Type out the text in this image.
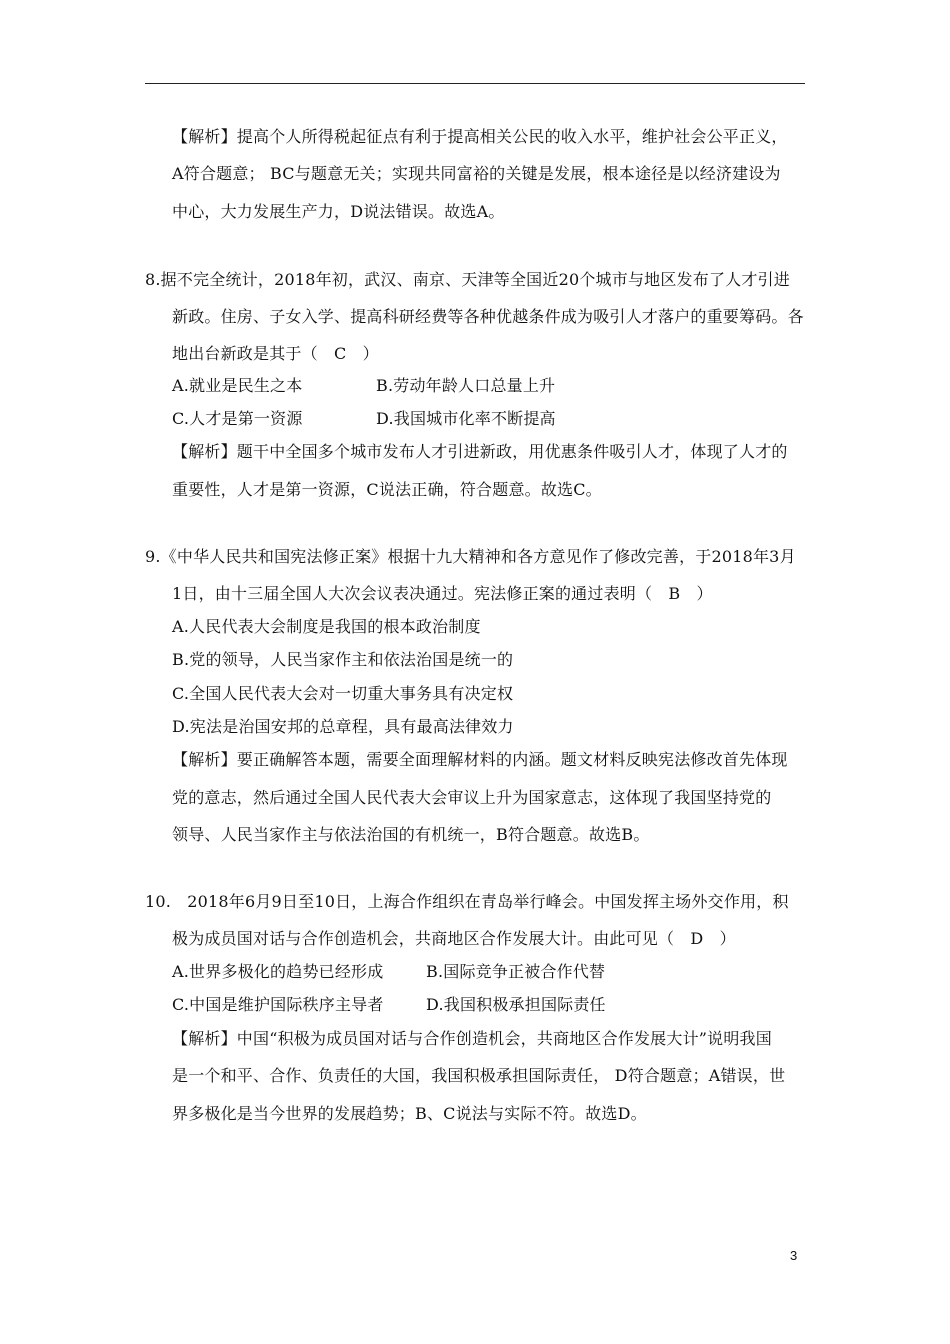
【解析】提高个人所得税起征点有利于提高相关公民的收入水平，维护社会公平正义，
A符合题意； BC与题意无关；实现共同富裕的关键是发展，根本途径是以经济建设为
中心，大力发展生产力，D说法错误。故选A。
8.据不完全统计，2018年初，武汉、南京、天津等全国近20个城市与地区发布了人才引进
新政。住房、子女入学、提高科研经费等各种优越条件成为吸引人才落户的重要筹码。各
地出台新政是其于（　C　）
A.就业是民生之本	B.劳动年龄人口总量上升
C.人才是第一资源	D.我国城市化率不断提高
【解析】题干中全国多个城市发布人才引进新政，用优惠条件吸引人才，体现了人才的
重要性，人才是第一资源，C说法正确，符合题意。故选C。
9.《中华人民共和国宪法修正案》根据十九大精神和各方意见作了修改完善，于2018年3月
1日，由十三届全国人大次会议表决通过。宪法修正案的通过表明（　B　）
A.人民代表大会制度是我国的根本政治制度
B.党的领导，人民当家作主和依法治国是统一的
C.全国人民代表大会对一切重大事务具有决定权
D.宪法是治国安邦的总章程，具有最高法律效力
【解析】要正确解答本题，需要全面理解材料的内涵。题文材料反映宪法修改首先体现
党的意志，然后通过全国人民代表大会审议上升为国家意志，这体现了我国坚持党的
领导、人民当家作主与依法治国的有机统一，B符合题意。故选B。
10.　2018年6月9日至10日，上海合作组织在青岛举行峰会。中国发挥主场外交作用，积
极为成员国对话与合作创造机会，共商地区合作发展大计。由此可见（　D　）
A.世界多极化的趋势已经形成	B.国际竞争正被合作代替
C.中国是维护国际秩序主导者	D.我国积极承担国际责任
【解析】中国“积极为成员国对话与合作创造机会，共商地区合作发展大计”说明我国
是一个和平、合作、负责任的大国，我国积极承担国际责任， D符合题意；A错误，世
界多极化是当今世界的发展趋势；B、C说法与实际不符。故选D。
3
